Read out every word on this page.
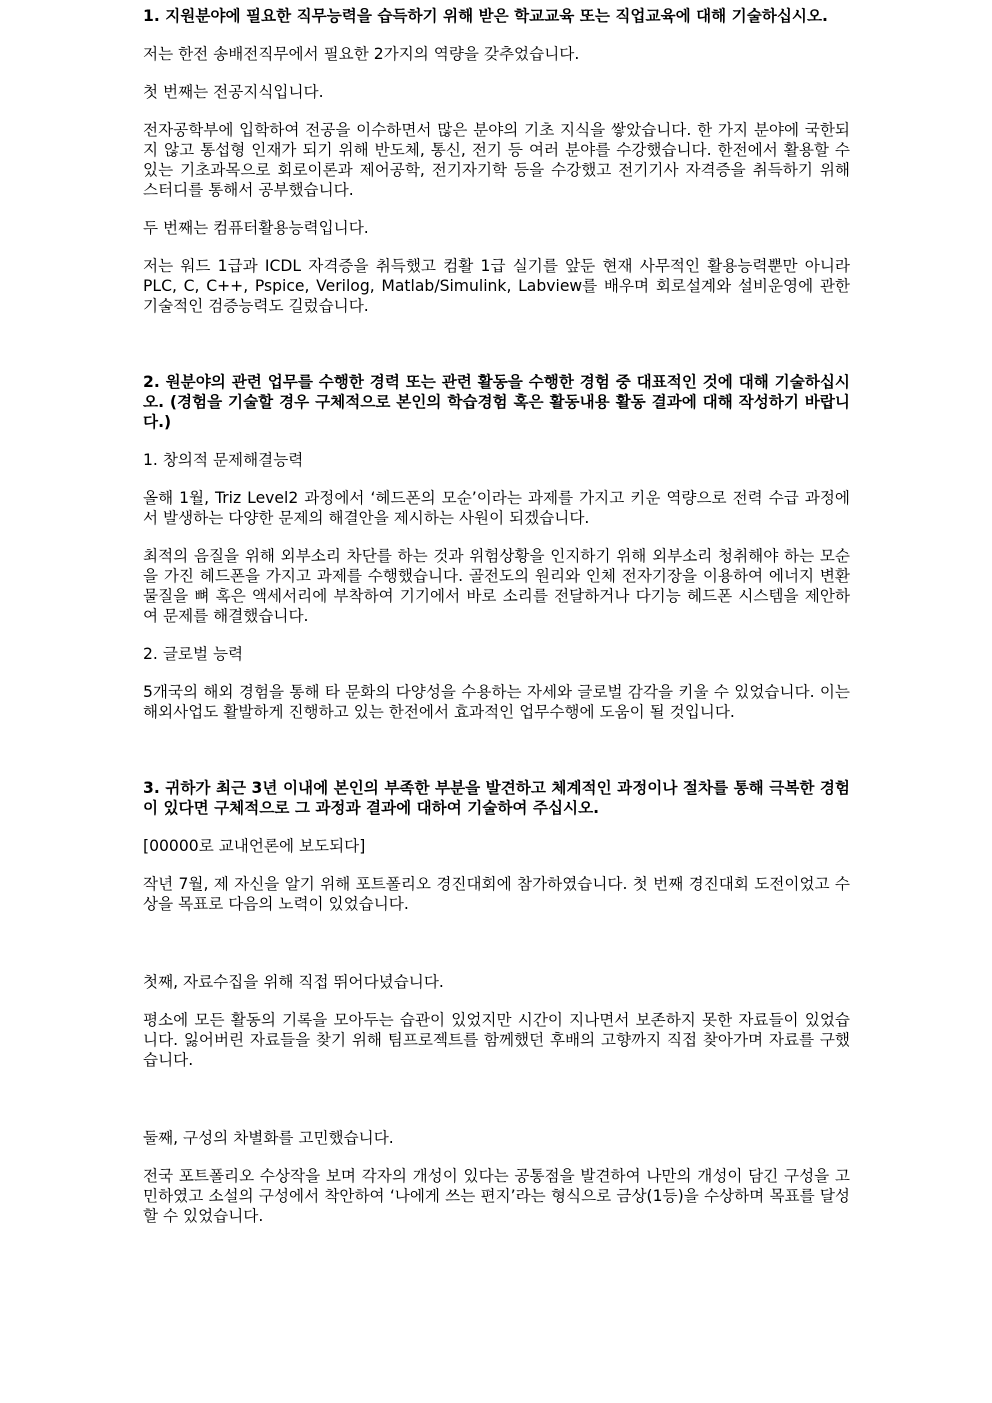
1. 지원분야에 필요한 직무능력을 습득하기 위해 받은 학교교육 또는 직업교육에 대해 기술하십시오.

저는 한전 송배전직무에서 필요한 2가지의 역량을 갖추었습니다.

첫 번째는 전공지식입니다.

전자공학부에 입학하여 전공을 이수하면서 많은 분야의 기초 지식을 쌓았습니다. 한 가지 분야에 국한되지 않고 통섭형 인재가 되기 위해 반도체, 통신, 전기 등 여러 분야를 수강했습니다. 한전에서 활용할 수 있는 기초과목으로 회로이론과 제어공학, 전기자기학 등을 수강했고 전기기사 자격증을 취득하기 위해 스터디를 통해서 공부했습니다.

두 번째는 컴퓨터활용능력입니다.

저는 워드 1급과 ICDL 자격증을 취득했고 컴활 1급 실기를 앞둔 현재 사무적인 활용능력뿐만 아니라 PLC, C, C++, Pspice, Verilog, Matlab/Simulink, Labview를 배우며 회로설계와 설비운영에 관한 기술적인 검증능력도 길렀습니다.

2. 원분야의 관련 업무를 수행한 경력 또는 관련 활동을 수행한 경험 중 대표적인 것에 대해 기술하십시오. (경험을 기술할 경우 구체적으로 본인의 학습경험 혹은 활동내용 활동 결과에 대해 작성하기 바랍니다.)

1. 창의적 문제해결능력

올해 1월, Triz Level2 과정에서 ‘헤드폰의 모순’이라는 과제를 가지고 키운 역량으로 전력 수급 과정에서 발생하는 다양한 문제의 해결안을 제시하는 사원이 되겠습니다.

최적의 음질을 위해 외부소리 차단를 하는 것과 위험상황을 인지하기 위해 외부소리 청취해야 하는 모순을 가진 헤드폰을 가지고 과제를 수행했습니다. 골전도의 원리와 인체 전자기장을 이용하여 에너지 변환물질을 뼈 혹은 액세서리에 부착하여 기기에서 바로 소리를 전달하거나 다기능 헤드폰 시스템을 제안하여 문제를 해결했습니다.

2. 글로벌 능력

5개국의 해외 경험을 통해 타 문화의 다양성을 수용하는 자세와 글로벌 감각을 키울 수 있었습니다. 이는 해외사업도 활발하게 진행하고 있는 한전에서 효과적인 업무수행에 도움이 될 것입니다.

3. 귀하가 최근 3년 이내에 본인의 부족한 부분을 발견하고 체계적인 과정이나 절차를 통해 극복한 경험이 있다면 구체적으로 그 과정과 결과에 대하여 기술하여 주십시오.

[00000로 교내언론에 보도되다]

작년 7월, 제 자신을 알기 위해 포트폴리오 경진대회에 참가하였습니다. 첫 번째 경진대회 도전이었고 수상을 목표로 다음의 노력이 있었습니다.

첫째, 자료수집을 위해 직접 뛰어다녔습니다.

평소에 모든 활동의 기록을 모아두는 습관이 있었지만 시간이 지나면서 보존하지 못한 자료들이 있었습니다. 잃어버린 자료들을 찾기 위해 팀프로젝트를 함께했던 후배의 고향까지 직접 찾아가며 자료를 구했습니다.

둘째, 구성의 차별화를 고민했습니다.

전국 포트폴리오 수상작을 보며 각자의 개성이 있다는 공통점을 발견하여 나만의 개성이 담긴 구성을 고민하였고 소설의 구성에서 착안하여 ‘나에게 쓰는 편지’라는 형식으로 금상(1등)을 수상하며 목표를 달성할 수 있었습니다.
